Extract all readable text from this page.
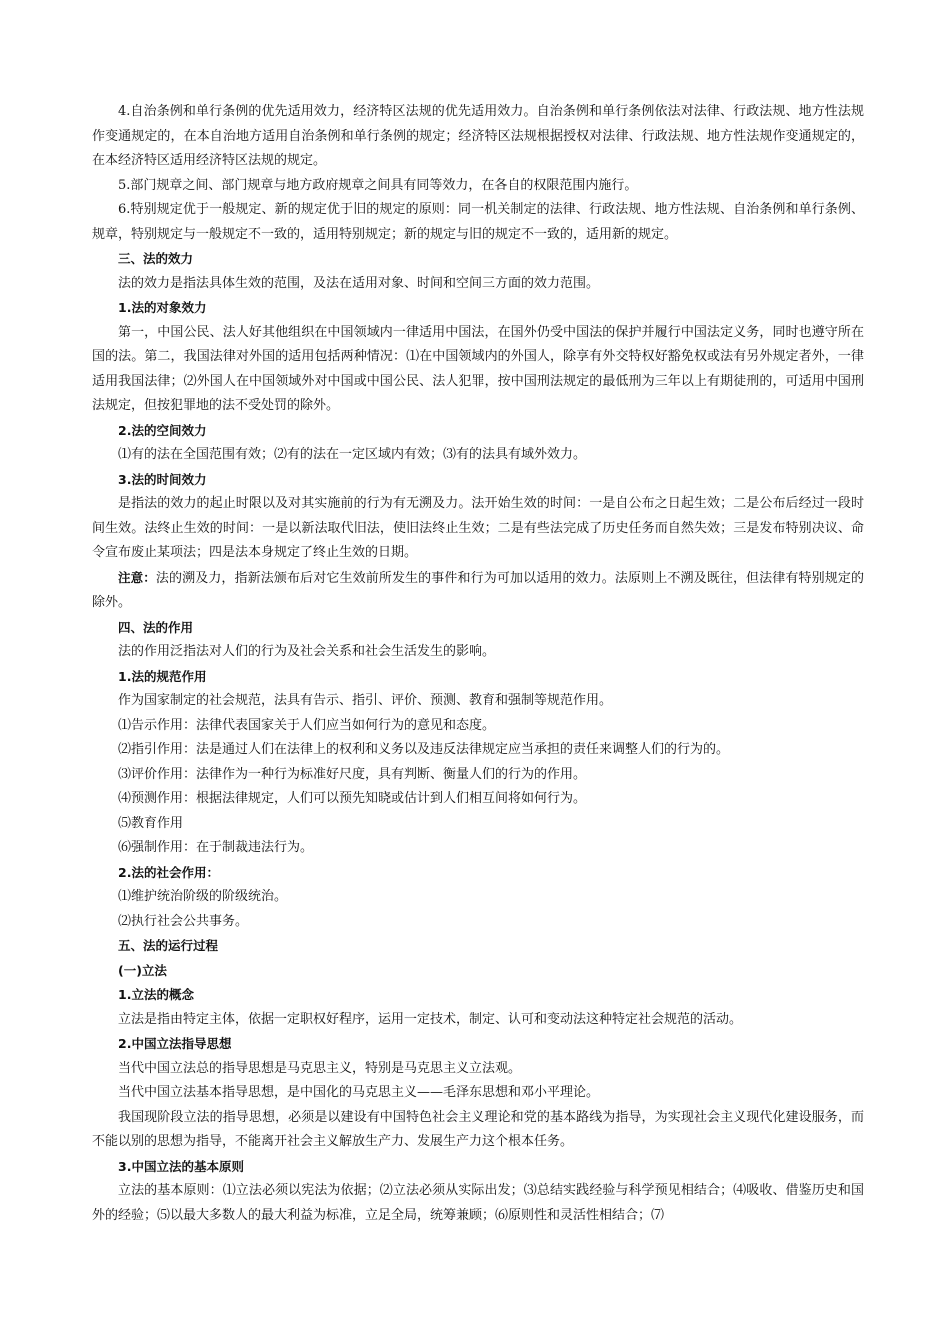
4.自治条例和单行条例的优先适用效力，经济特区法规的优先适用效力。自治条例和单行条例依法对法律、行政法规、地方性法规作变通规定的，在本自治地方适用自治条例和单行条例的规定；经济特区法规根据授权对法律、行政法规、地方性法规作变通规定的，在本经济特区适用经济特区法规的规定。

5.部门规章之间、部门规章与地方政府规章之间具有同等效力，在各自的权限范围内施行。

6.特别规定优于一般规定、新的规定优于旧的规定的原则：同一机关制定的法律、行政法规、地方性法规、自治条例和单行条例、规章，特别规定与一般规定不一致的，适用特别规定；新的规定与旧的规定不一致的，适用新的规定。

三、法的效力

法的效力是指法具体生效的范围，及法在适用对象、时间和空间三方面的效力范围。

1.法的对象效力

第一，中国公民、法人好其他组织在中国领域内一律适用中国法，在国外仍受中国法的保护并履行中国法定义务，同时也遵守所在国的法。第二，我国法律对外国的适用包括两种情况：⑴在中国领域内的外国人，除享有外交特权好豁免权或法有另外规定者外，一律适用我国法律；⑵外国人在中国领域外对中国或中国公民、法人犯罪，按中国刑法规定的最低刑为三年以上有期徒刑的，可适用中国刑法规定，但按犯罪地的法不受处罚的除外。

2.法的空间效力

⑴有的法在全国范围有效；⑵有的法在一定区域内有效；⑶有的法具有域外效力。

3.法的时间效力

是指法的效力的起止时限以及对其实施前的行为有无溯及力。法开始生效的时间：一是自公布之日起生效；二是公布后经过一段时间生效。法终止生效的时间：一是以新法取代旧法，使旧法终止生效；二是有些法完成了历史任务而自然失效；三是发布特别决议、命令宣布废止某项法；四是法本身规定了终止生效的日期。

注意：法的溯及力，指新法颁布后对它生效前所发生的事件和行为可加以适用的效力。法原则上不溯及既往，但法律有特别规定的除外。

四、法的作用

法的作用泛指法对人们的行为及社会关系和社会生活发生的影响。

1.法的规范作用

作为国家制定的社会规范，法具有告示、指引、评价、预测、教育和强制等规范作用。

⑴告示作用：法律代表国家关于人们应当如何行为的意见和态度。

⑵指引作用：法是通过人们在法律上的权利和义务以及违反法律规定应当承担的责任来调整人们的行为的。

⑶评价作用：法律作为一种行为标准好尺度，具有判断、衡量人们的行为的作用。

⑷预测作用：根据法律规定，人们可以预先知晓或估计到人们相互间将如何行为。

⑸教育作用

⑹强制作用：在于制裁违法行为。

2.法的社会作用：

⑴维护统治阶级的阶级统治。

⑵执行社会公共事务。

五、法的运行过程

(一)立法

1.立法的概念

立法是指由特定主体，依据一定职权好程序，运用一定技术，制定、认可和变动法这种特定社会规范的活动。

2.中国立法指导思想

当代中国立法总的指导思想是马克思主义，特别是马克思主义立法观。

当代中国立法基本指导思想，是中国化的马克思主义——毛泽东思想和邓小平理论。

我国现阶段立法的指导思想，必须是以建设有中国特色社会主义理论和党的基本路线为指导，为实现社会主义现代化建设服务，而不能以别的思想为指导，不能离开社会主义解放生产力、发展生产力这个根本任务。

3.中国立法的基本原则

立法的基本原则：⑴立法必须以宪法为依据；⑵立法必须从实际出发；⑶总结实践经验与科学预见相结合；⑷吸收、借鉴历史和国外的经验；⑸以最大多数人的最大利益为标准，立足全局，统筹兼顾；⑹原则性和灵活性相结合；⑺
